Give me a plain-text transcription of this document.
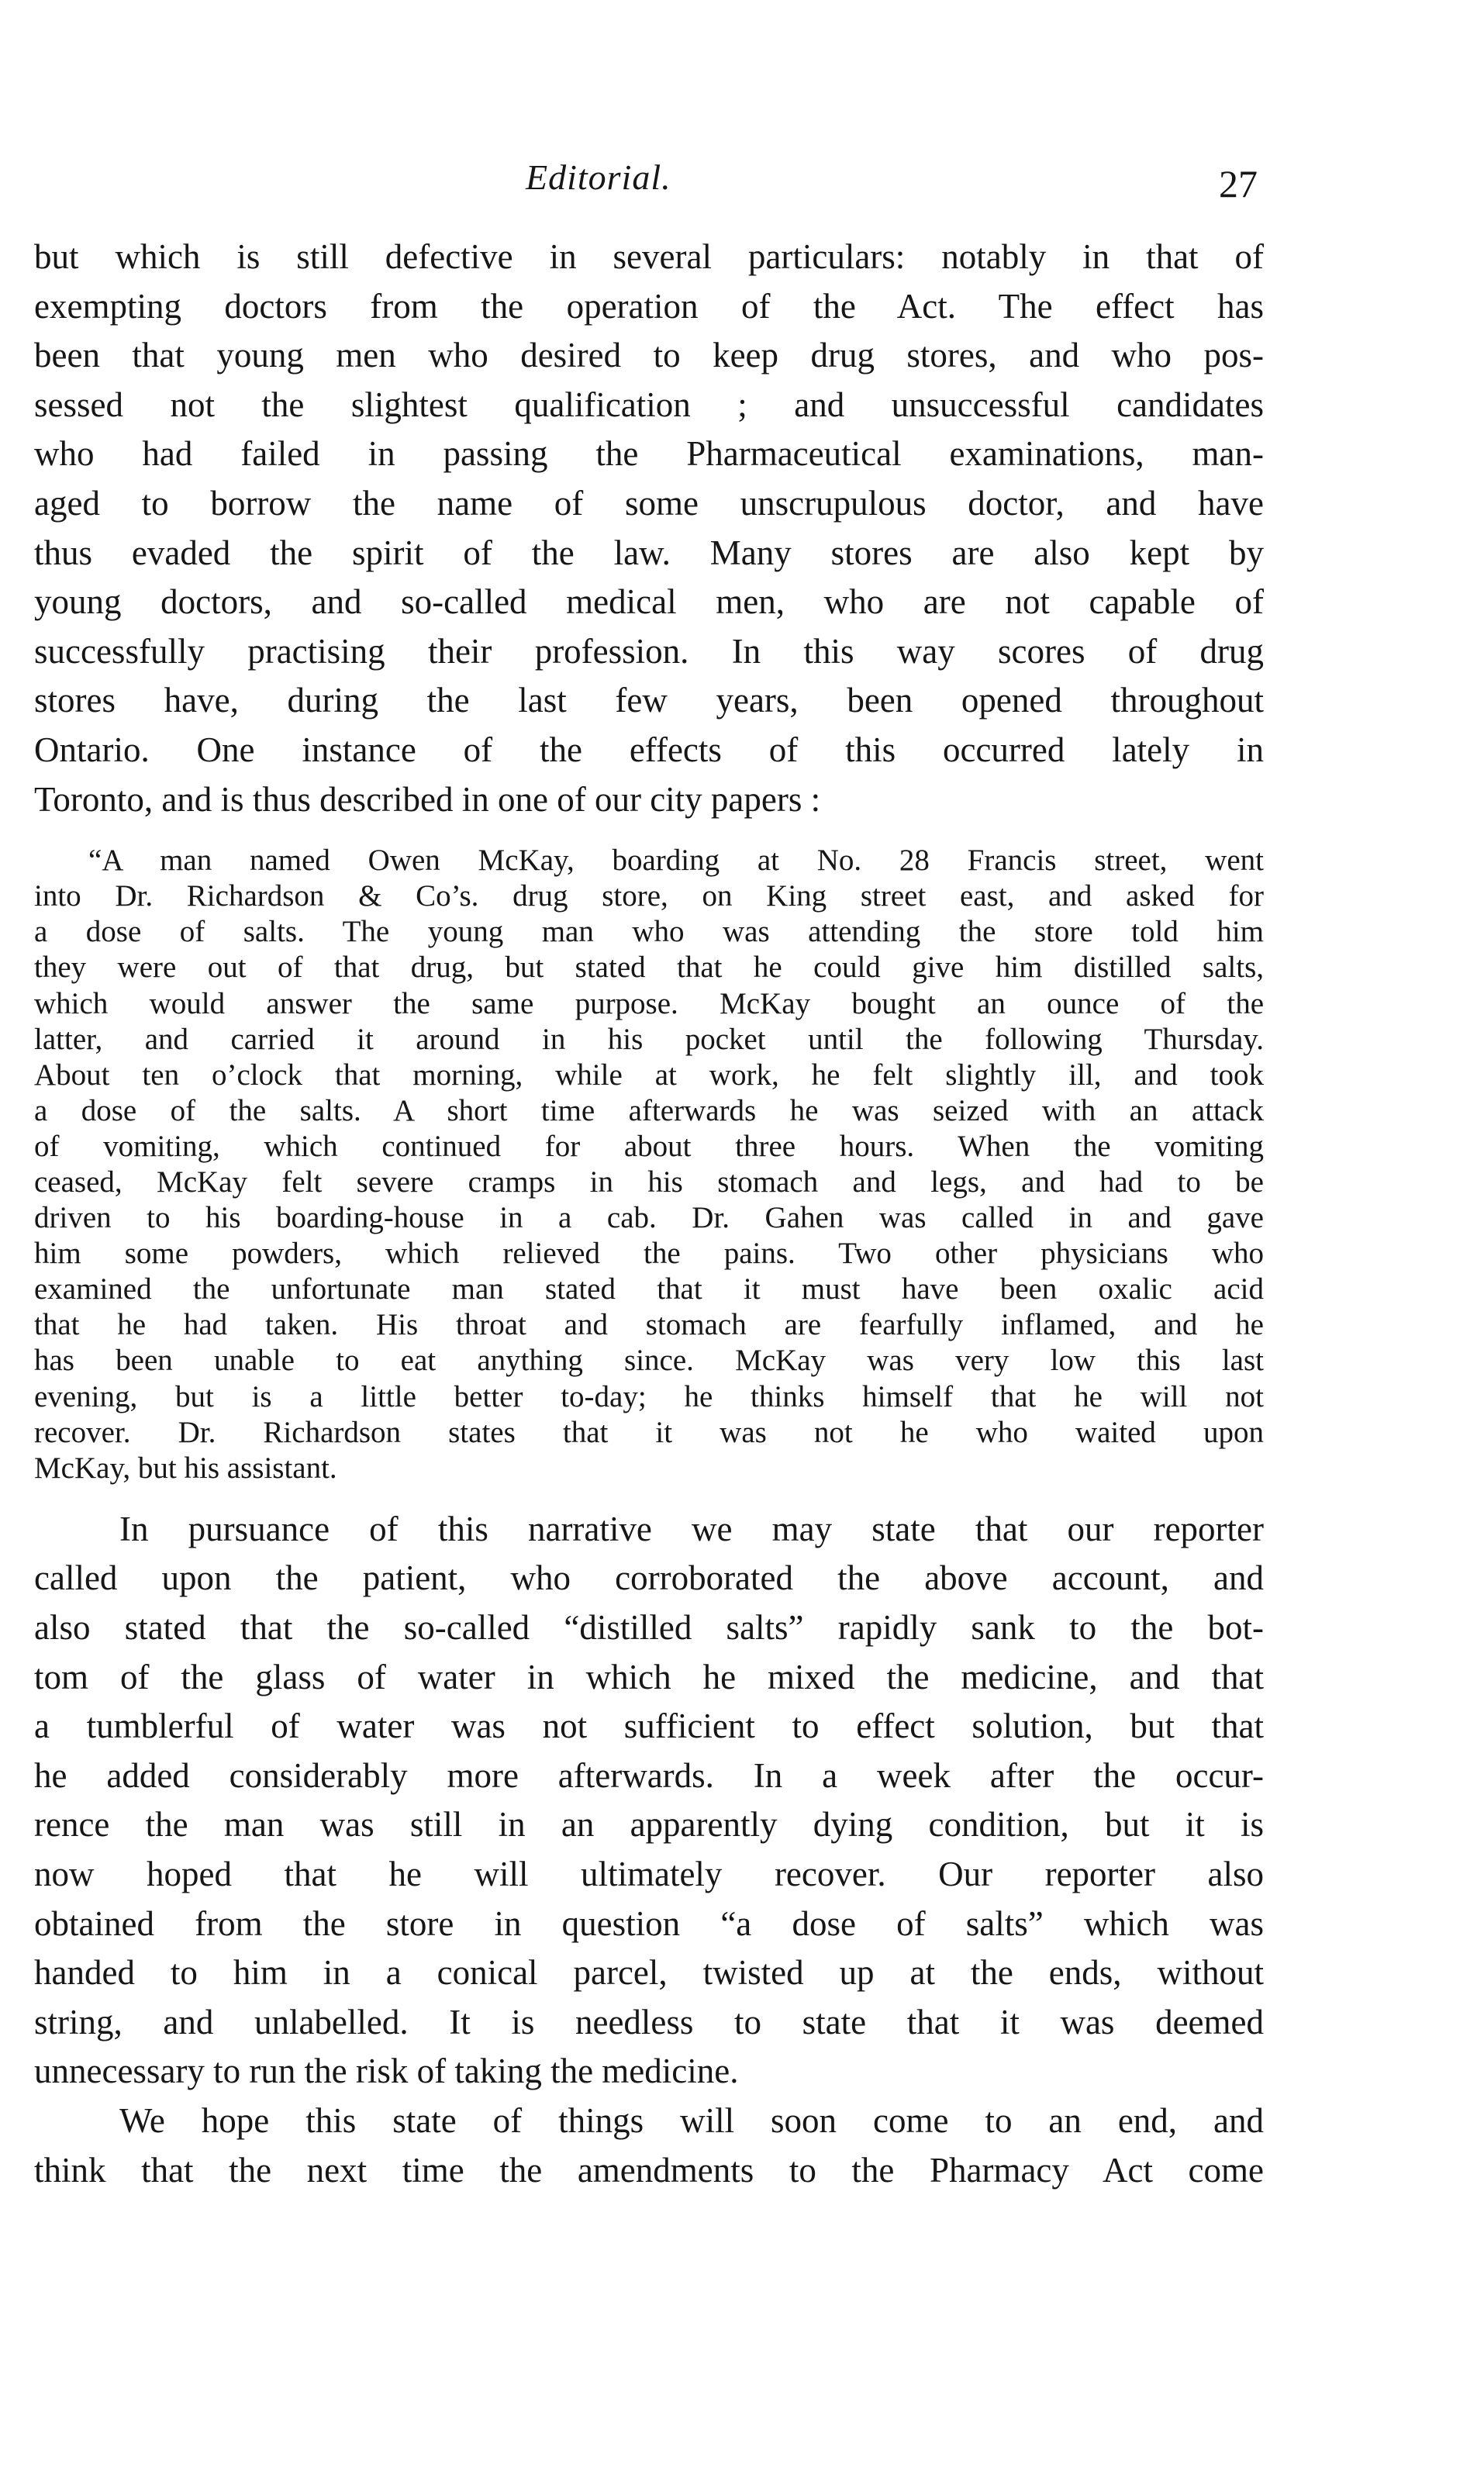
Editorial.	27

but which is still defective in several particulars: notably in that of
exempting doctors from the operation of the Act. The effect has
been that young men who desired to keep drug stores, and who pos-
sessed not the slightest qualification ; and unsuccessful candidates
who had failed in passing the Pharmaceutical examinations, man-
aged to borrow the name of some unscrupulous doctor, and have
thus evaded the spirit of the law. Many stores are also kept by
young doctors, and so-called medical men, who are not capable of
successfully practising their profession. In this way scores of drug
stores have, during the last few years, been opened throughout
Ontario. One instance of the effects of this occurred lately in
Toronto, and is thus described in one of our city papers :

“A man named Owen McKay, boarding at No. 28 Francis street, went
into Dr. Richardson & Co’s. drug store, on King street east, and asked for
a dose of salts. The young man who was attending the store told him
they were out of that drug, but stated that he could give him distilled salts,
which would answer the same purpose. McKay bought an ounce of the
latter, and carried it around in his pocket until the following Thursday.
About ten o’clock that morning, while at work, he felt slightly ill, and took
a dose of the salts. A short time afterwards he was seized with an attack
of vomiting, which continued for about three hours. When the vomiting
ceased, McKay felt severe cramps in his stomach and legs, and had to be
driven to his boarding-house in a cab. Dr. Gahen was called in and gave
him some powders, which relieved the pains. Two other physicians who
examined the unfortunate man stated that it must have been oxalic acid
that he had taken. His throat and stomach are fearfully inflamed, and he
has been unable to eat anything since. McKay was very low this last
evening, but is a little better to-day; he thinks himself that he will not
recover. Dr. Richardson states that it was not he who waited upon
McKay, but his assistant.

In pursuance of this narrative we may state that our reporter
called upon the patient, who corroborated the above account, and
also stated that the so-called “distilled salts” rapidly sank to the bot-
tom of the glass of water in which he mixed the medicine, and that
a tumblerful of water was not sufficient to effect solution, but that
he added considerably more afterwards. In a week after the occur-
rence the man was still in an apparently dying condition, but it is
now hoped that he will ultimately recover. Our reporter also
obtained from the store in question “a dose of salts” which was
handed to him in a conical parcel, twisted up at the ends, without
string, and unlabelled. It is needless to state that it was deemed
unnecessary to run the risk of taking the medicine.

We hope this state of things will soon come to an end, and
think that the next time the amendments to the Pharmacy Act come
